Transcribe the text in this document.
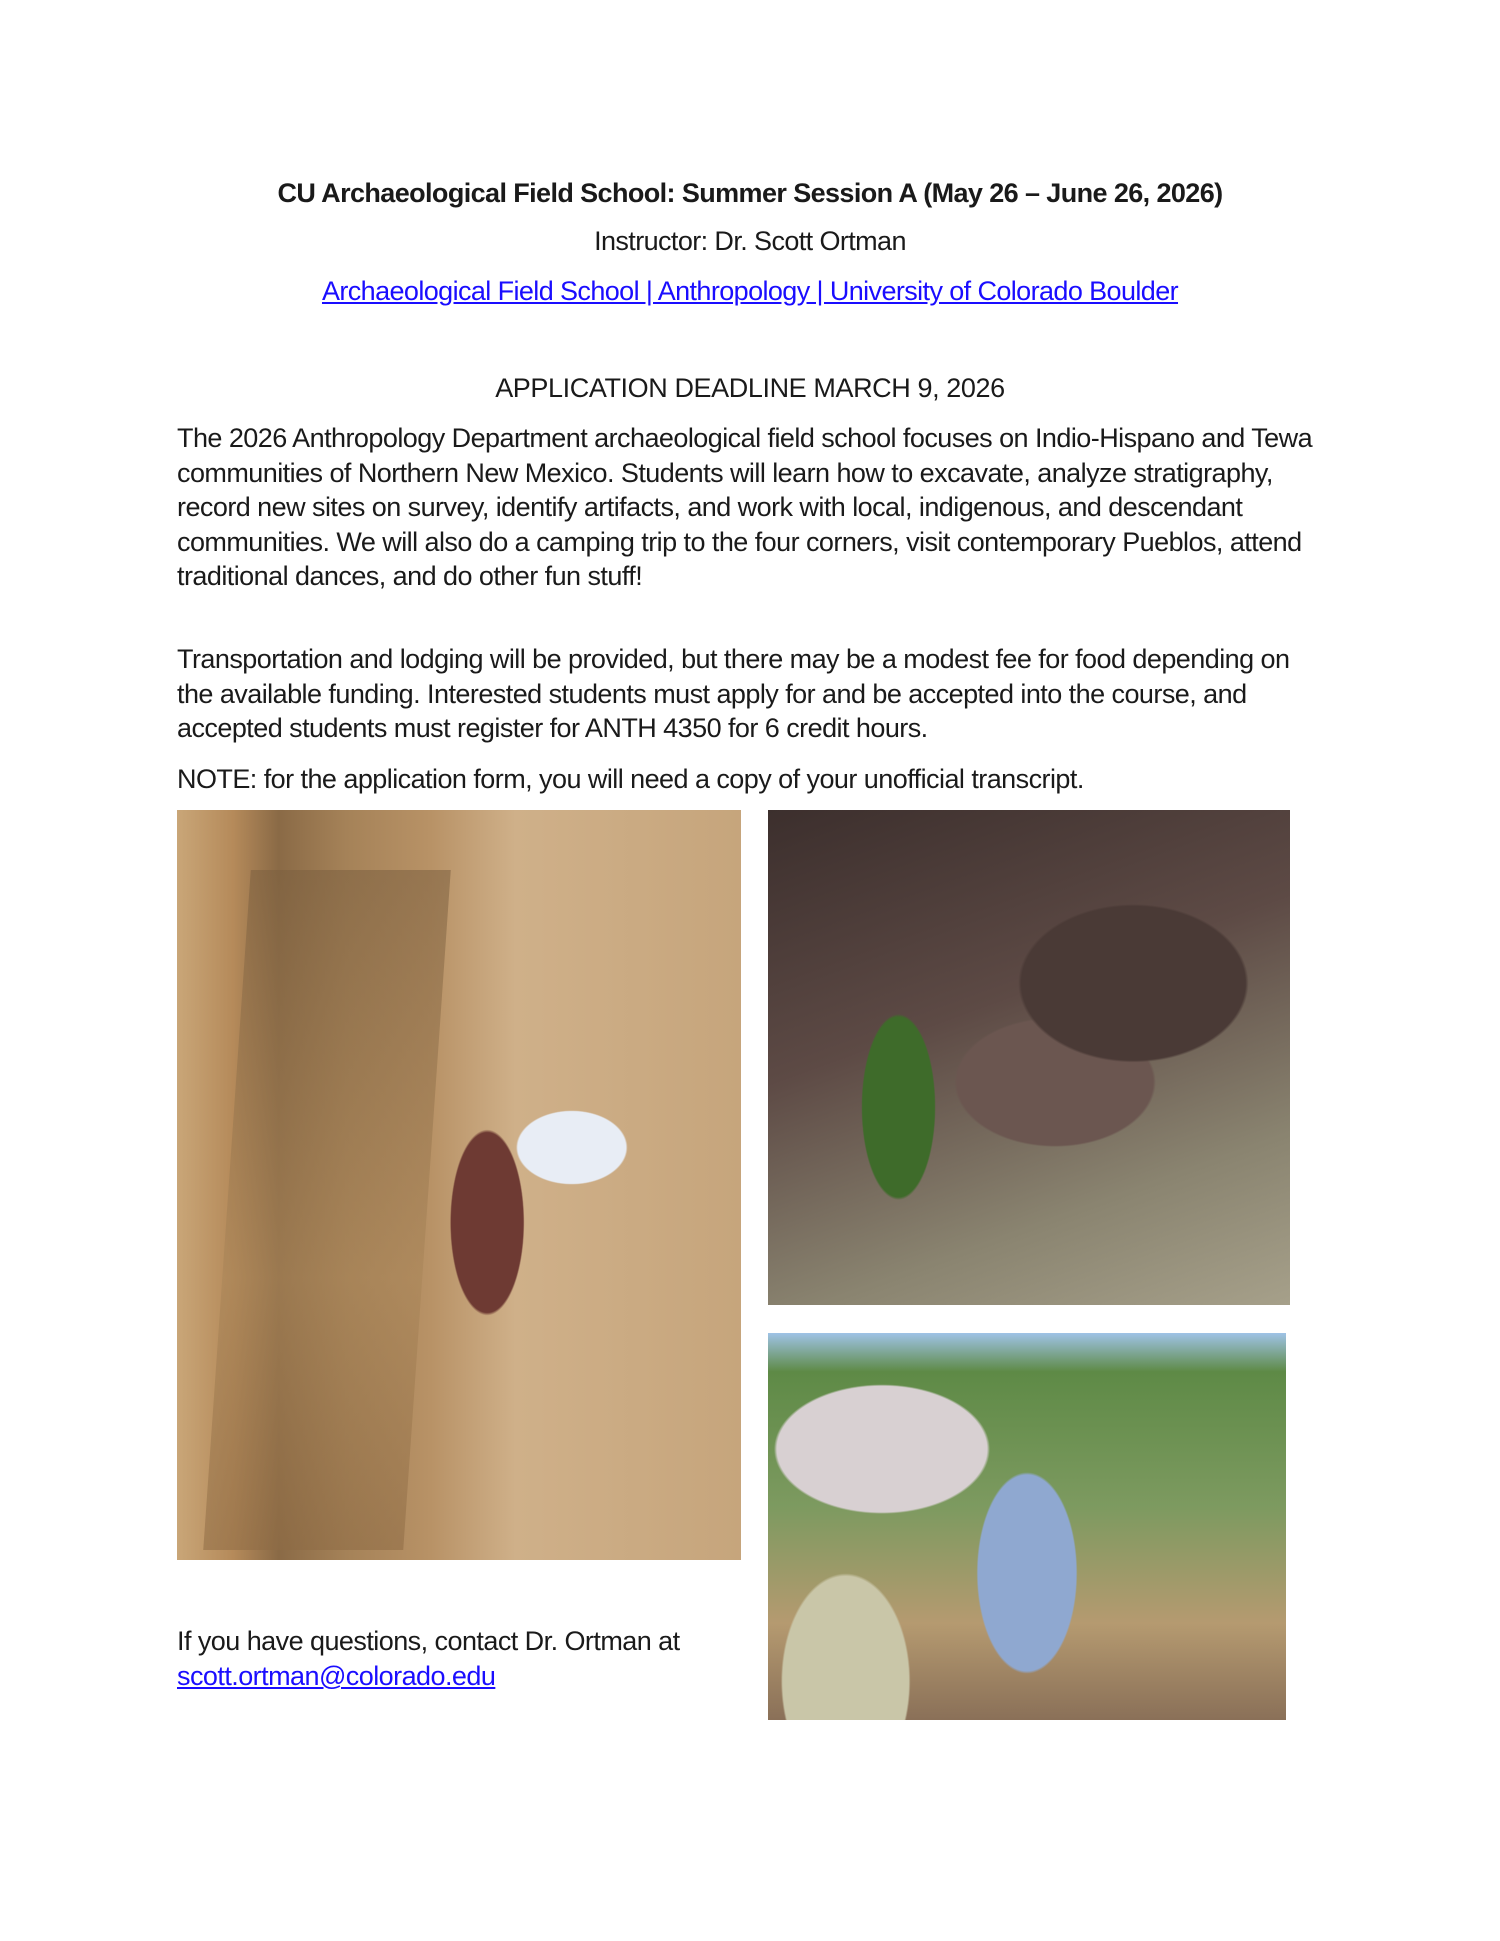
CU Archaeological Field School: Summer Session A (May 26 – June 26, 2026)
Instructor: Dr. Scott Ortman
Archaeological Field School | Anthropology | University of Colorado Boulder
APPLICATION DEADLINE MARCH 9, 2026

The 2026 Anthropology Department archaeological field school focuses on Indio-Hispano and Tewa communities of Northern New Mexico. Students will learn how to excavate, analyze stratigraphy, record new sites on survey, identify artifacts, and work with local, indigenous, and descendant communities. We will also do a camping trip to the four corners, visit contemporary Pueblos, attend traditional dances, and do other fun stuff!

Transportation and lodging will be provided, but there may be a modest fee for food depending on the available funding. Interested students must apply for and be accepted into the course, and accepted students must register for ANTH 4350 for 6 credit hours.

NOTE: for the application form, you will need a copy of your unofficial transcript.

If you have questions, contact Dr. Ortman at scott.ortman@colorado.edu
